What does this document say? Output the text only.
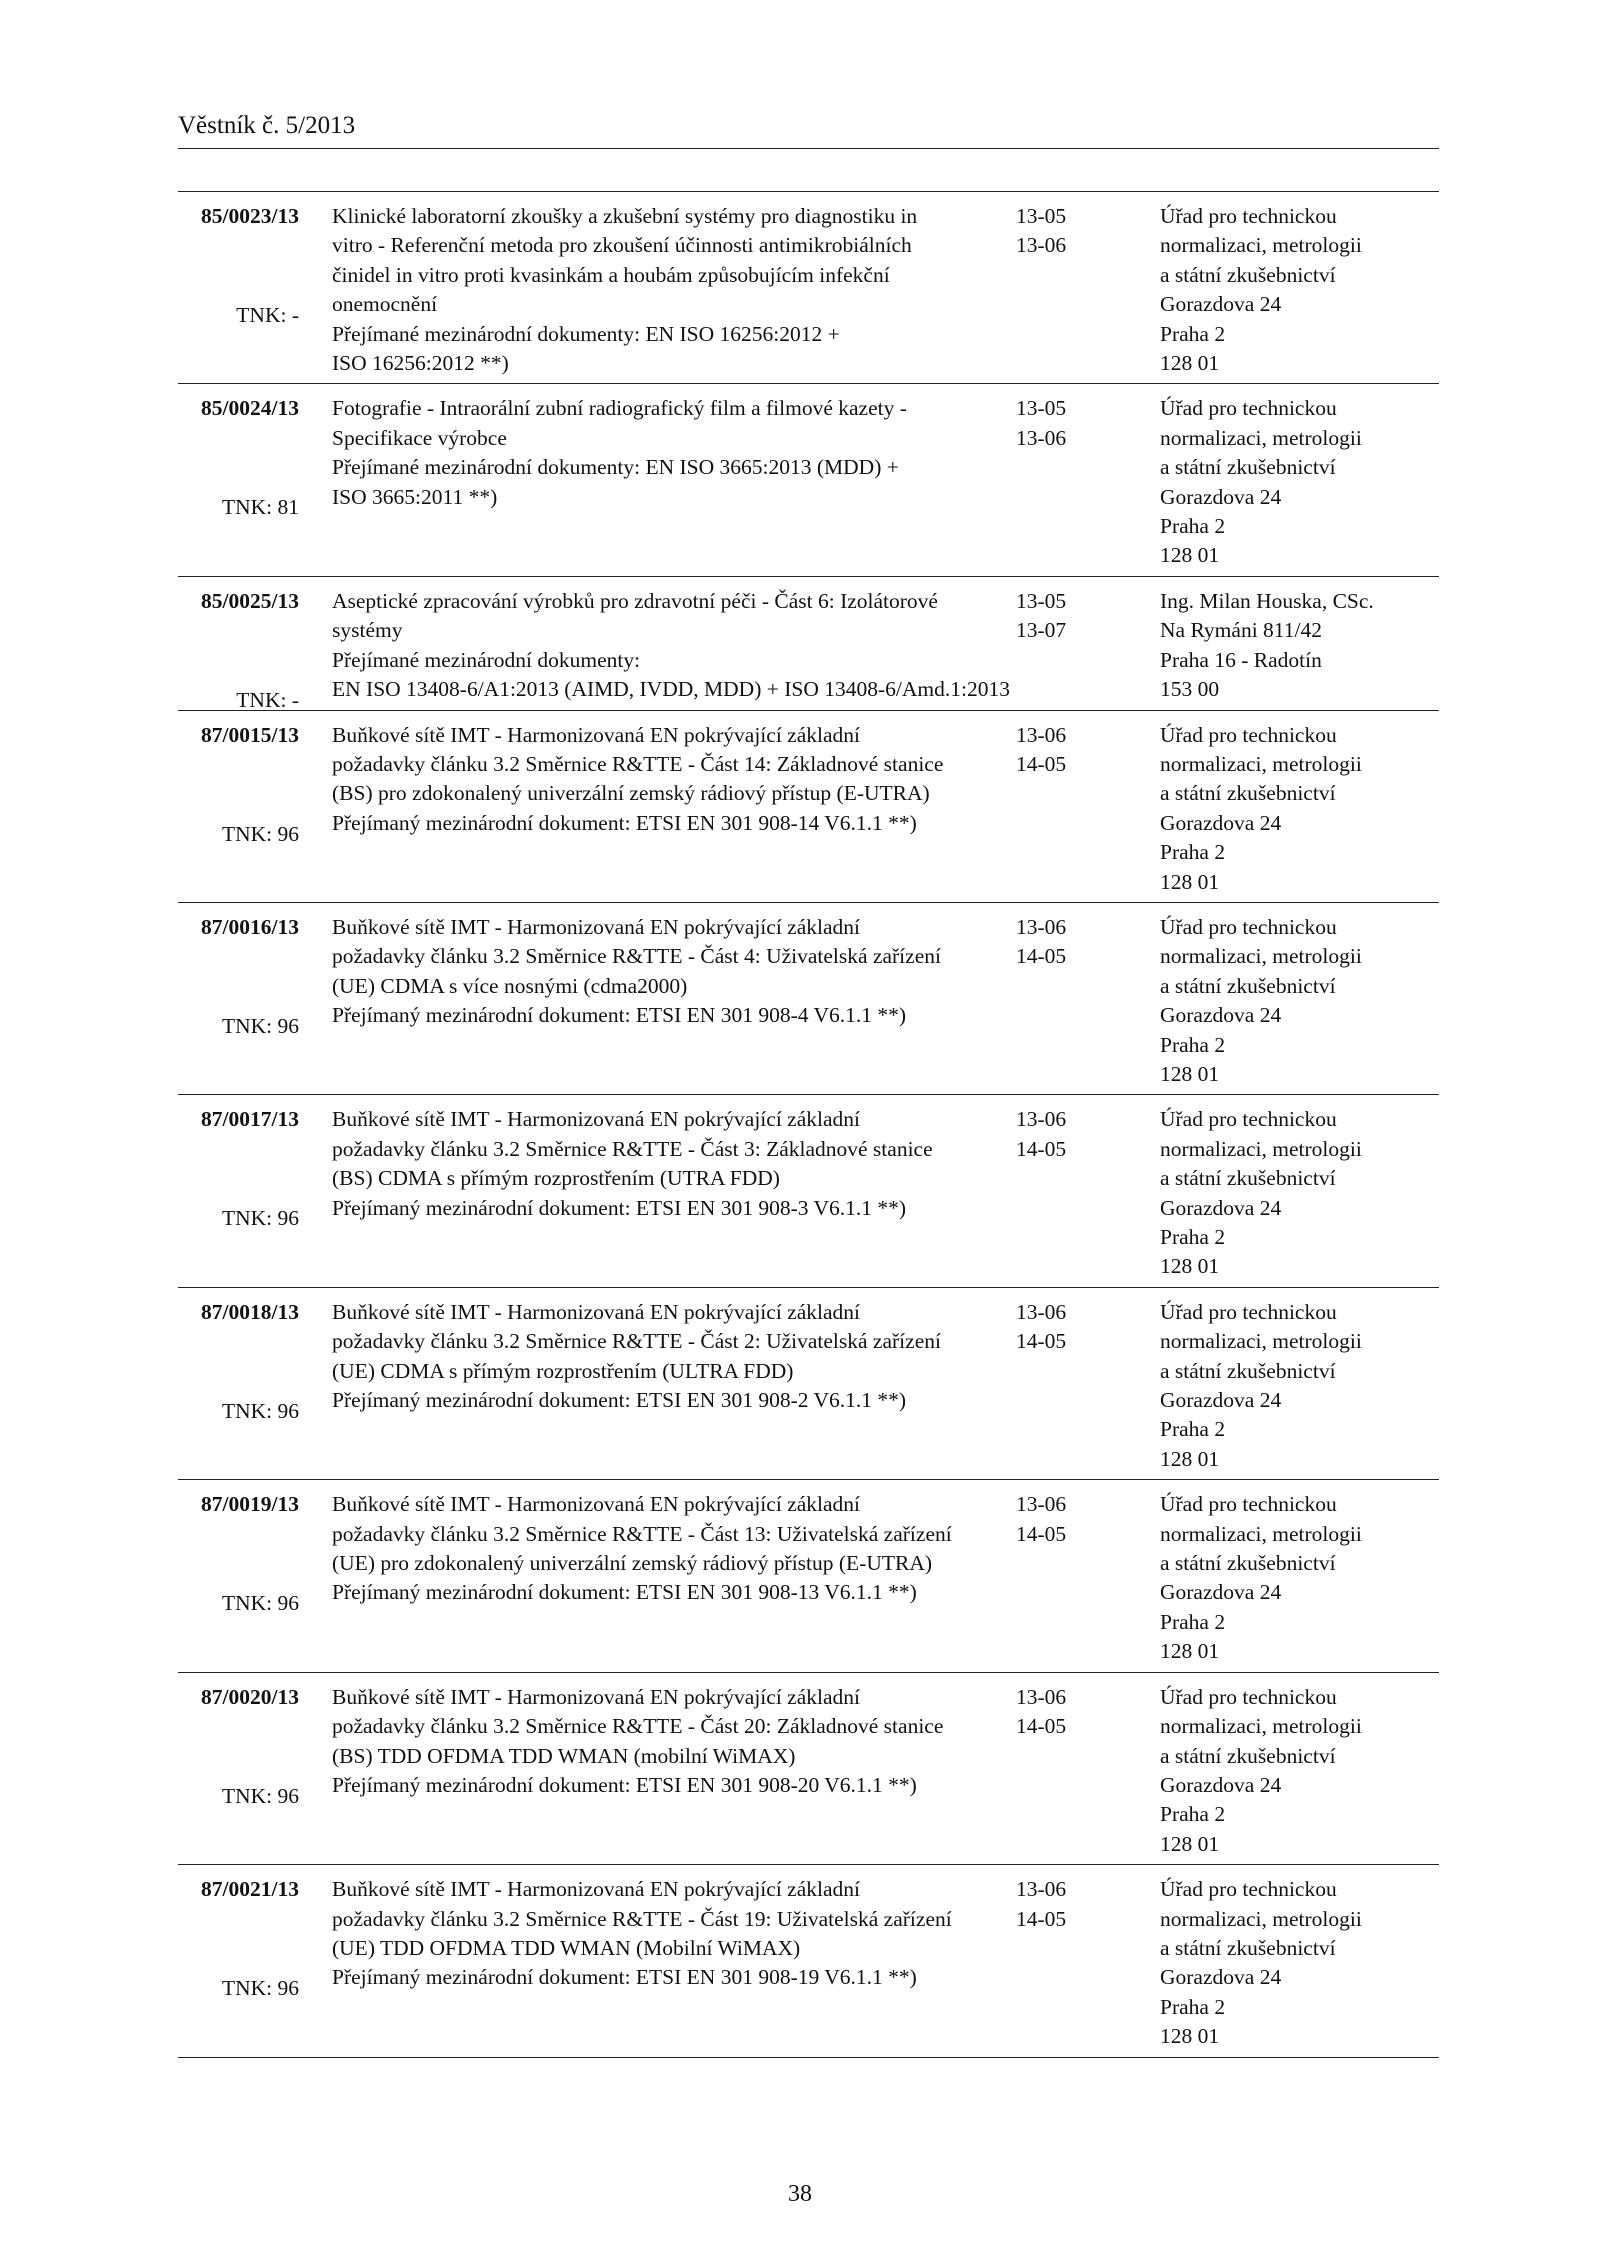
Věstník č. 5/2013
85/0023/13
TNK: -
Klinické laboratorní zkoušky a zkušební systémy pro diagnostiku in
vitro - Referenční metoda pro zkoušení účinnosti antimikrobiálních
činidel in vitro proti kvasinkám a houbám způsobujícím infekční
onemocnění
Přejímané mezinárodní dokumenty: EN ISO 16256:2012 +
ISO 16256:2012 **)
13-05
13-06
Úřad pro technickou
normalizaci, metrologii
a státní zkušebnictví
Gorazdova 24
Praha 2
128 01
85/0024/13
TNK: 81
Fotografie - Intraorální zubní radiografický film a filmové kazety -
Specifikace výrobce
Přejímané mezinárodní dokumenty: EN ISO 3665:2013 (MDD) +
ISO 3665:2011 **)
13-05
13-06
Úřad pro technickou
normalizaci, metrologii
a státní zkušebnictví
Gorazdova 24
Praha 2
128 01
85/0025/13
TNK: -
Aseptické zpracování výrobků pro zdravotní péči - Část 6: Izolátorové
systémy
Přejímané mezinárodní dokumenty:
EN ISO 13408-6/A1:2013 (AIMD, IVDD, MDD) + ISO 13408-6/Amd.1:2013
13-05
13-07
Ing. Milan Houska, CSc.
Na Rymáni 811/42
Praha 16 - Radotín
153 00
87/0015/13
TNK: 96
Buňkové sítě IMT - Harmonizovaná EN pokrývající základní
požadavky článku 3.2 Směrnice R&TTE - Část 14: Základnové stanice
(BS) pro zdokonalený univerzální zemský rádiový přístup (E-UTRA)
Přejímaný mezinárodní dokument: ETSI EN 301 908-14 V6.1.1 **)
13-06
14-05
Úřad pro technickou
normalizaci, metrologii
a státní zkušebnictví
Gorazdova 24
Praha 2
128 01
87/0016/13
TNK: 96
Buňkové sítě IMT - Harmonizovaná EN pokrývající základní
požadavky článku 3.2 Směrnice R&TTE - Část 4: Uživatelská zařízení
(UE) CDMA s více nosnými (cdma2000)
Přejímaný mezinárodní dokument: ETSI EN 301 908-4 V6.1.1 **)
13-06
14-05
Úřad pro technickou
normalizaci, metrologii
a státní zkušebnictví
Gorazdova 24
Praha 2
128 01
87/0017/13
TNK: 96
Buňkové sítě IMT - Harmonizovaná EN pokrývající základní
požadavky článku 3.2 Směrnice R&TTE - Část 3: Základnové stanice
(BS) CDMA s přímým rozprostřením (UTRA FDD)
Přejímaný mezinárodní dokument: ETSI EN 301 908-3 V6.1.1 **)
13-06
14-05
Úřad pro technickou
normalizaci, metrologii
a státní zkušebnictví
Gorazdova 24
Praha 2
128 01
87/0018/13
TNK: 96
Buňkové sítě IMT - Harmonizovaná EN pokrývající základní
požadavky článku 3.2 Směrnice R&TTE - Část 2: Uživatelská zařízení
(UE) CDMA s přímým rozprostřením (ULTRA FDD)
Přejímaný mezinárodní dokument: ETSI EN 301 908-2 V6.1.1 **)
13-06
14-05
Úřad pro technickou
normalizaci, metrologii
a státní zkušebnictví
Gorazdova 24
Praha 2
128 01
87/0019/13
TNK: 96
Buňkové sítě IMT - Harmonizovaná EN pokrývající základní
požadavky článku 3.2 Směrnice R&TTE - Část 13: Uživatelská zařízení
(UE) pro zdokonalený univerzální zemský rádiový přístup (E-UTRA)
Přejímaný mezinárodní dokument: ETSI EN 301 908-13 V6.1.1 **)
13-06
14-05
Úřad pro technickou
normalizaci, metrologii
a státní zkušebnictví
Gorazdova 24
Praha 2
128 01
87/0020/13
TNK: 96
Buňkové sítě IMT - Harmonizovaná EN pokrývající základní
požadavky článku 3.2 Směrnice R&TTE - Část 20: Základnové stanice
(BS) TDD OFDMA TDD WMAN (mobilní WiMAX)
Přejímaný mezinárodní dokument: ETSI EN 301 908-20 V6.1.1 **)
13-06
14-05
Úřad pro technickou
normalizaci, metrologii
a státní zkušebnictví
Gorazdova 24
Praha 2
128 01
87/0021/13
TNK: 96
Buňkové sítě IMT - Harmonizovaná EN pokrývající základní
požadavky článku 3.2 Směrnice R&TTE - Část 19: Uživatelská zařízení
(UE) TDD OFDMA TDD WMAN (Mobilní WiMAX)
Přejímaný mezinárodní dokument: ETSI EN 301 908-19 V6.1.1 **)
13-06
14-05
Úřad pro technickou
normalizaci, metrologii
a státní zkušebnictví
Gorazdova 24
Praha 2
128 01
38
